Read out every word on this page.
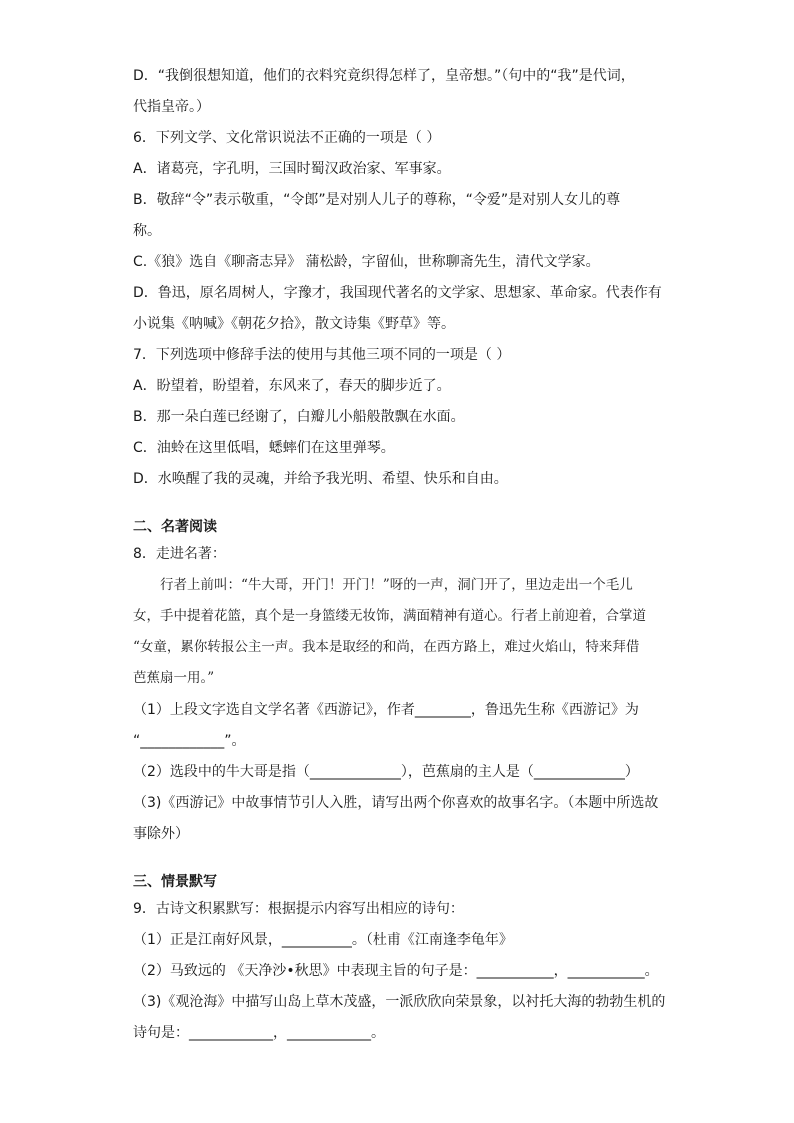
D．“我倒很想知道，他们的衣料究竟织得怎样了，皇帝想。”（句中的“我”是代词，
代指皇帝。）
6．下列文学、文化常识说法不正确的一项是（ ）
A．诸葛亮，字孔明，三国时蜀汉政治家、军事家。
B．敬辞“令”表示敬重，“令郎”是对别人儿子的尊称，“令爱”是对别人女儿的尊
称。
C.《狼》选自《聊斋志异》 蒲松龄，字留仙，世称聊斋先生，清代文学家。
D．鲁迅，原名周树人，字豫才，我国现代著名的文学家、思想家、革命家。代表作有
小说集《呐喊》《朝花夕拾》，散文诗集《野草》等。
7．下列选项中修辞手法的使用与其他三项不同的一项是（ ）
A．盼望着，盼望着，东风来了，春天的脚步近了。
B．那一朵白莲已经谢了，白瓣儿小船般散飘在水面。
C．油蛉在这里低唱，蟋蟀们在这里弹琴。
D．水唤醒了我的灵魂，并给予我光明、希望、快乐和自由。
二、名著阅读
8．走进名著：
行者上前叫：“牛大哥，开门！开门！”呀的一声，洞门开了，里边走出一个毛儿
女，手中提着花篮，真个是一身篮缕无妆饰，满面精神有道心。行者上前迎着，合掌道
“女童，累你转报公主一声。我本是取经的和尚，在西方路上，难过火焰山，特来拜借
芭蕉扇一用。”
（1）上段文字选自文学名著《西游记》，作者________，鲁迅先生称《西游记》为
“____________”。
（2）选段中的牛大哥是指（_____________），芭蕉扇的主人是（_____________）
（3)《西游记》中故事情节引人入胜，请写出两个你喜欢的故事名字。（本题中所选故
事除外）
三、情景默写
9．古诗文积累默写：根据提示内容写出相应的诗句：
（1）正是江南好风景，__________。（杜甫《江南逢李龟年》
（2）马致远的 《天净沙•秋思》中表现主旨的句子是：___________，___________。
（3)《观沧海》中描写山岛上草木茂盛，一派欣欣向荣景象，以衬托大海的勃勃生机的
诗句是：____________，____________。
